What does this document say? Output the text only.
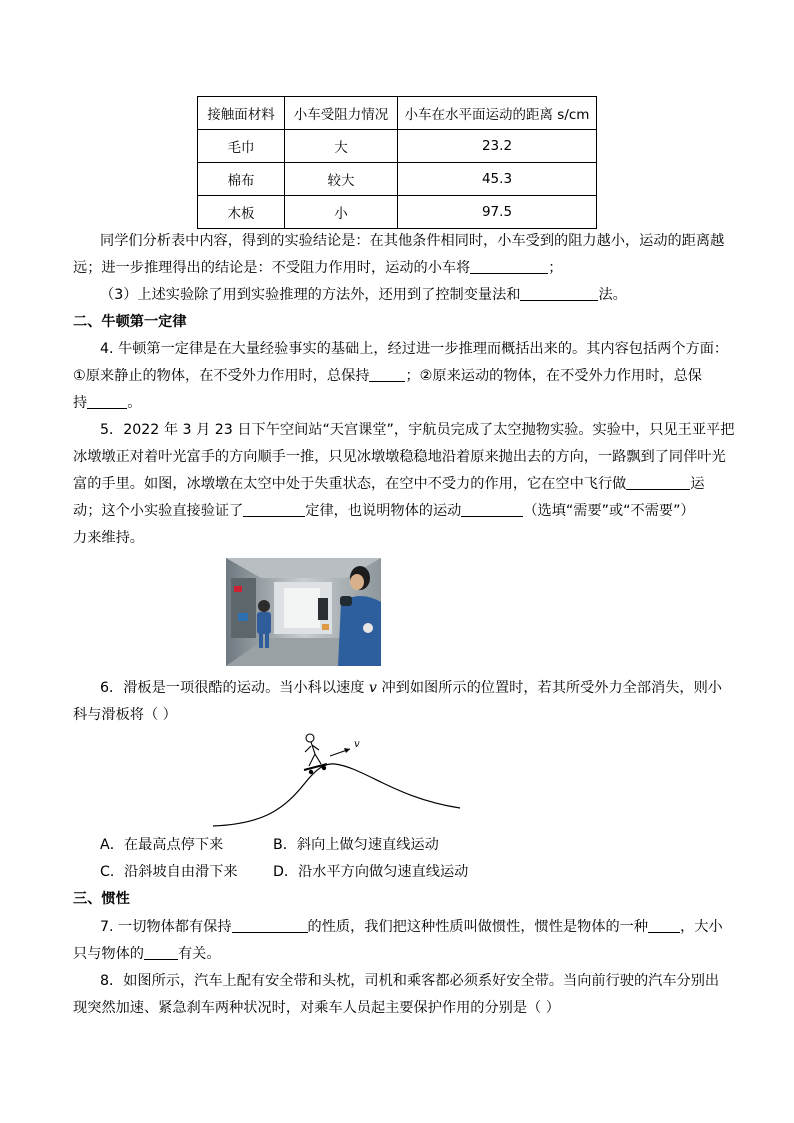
接触面材料	小车受阻力情况	小车在水平面运动的距离 s/cm
毛巾	大	23.2
棉布	较大	45.3
木板	小	97.5
同学们分析表中内容，得到的实验结论是：在其他条件相同时，小车受到的阻力越小，运动的距离越
远；进一步推理得出的结论是：不受阻力作用时，运动的小车将	；
（3）上述实验除了用到实验推理的方法外，还用到了控制变量法和	法。
二、牛顿第一定律
4. 牛顿第一定律是在大量经验事实的基础上，经过进一步推理而概括出来的。其内容包括两个方面：
①原来静止的物体，在不受外力作用时，总保持	；②原来运动的物体，在不受外力作用时，总保
持	。
5．2022 年 3 月 23 日下午空间站“天宫课堂”，宇航员完成了太空抛物实验。实验中，只见王亚平把
冰墩墩正对着叶光富手的方向顺手一推，只见冰墩墩稳稳地沿着原来抛出去的方向，一路飘到了同伴叶光
富的手里。如图，冰墩墩在太空中处于失重状态，在空中不受力的作用，它在空中飞行做	运
动；这个小实验直接验证了	定律，也说明物体的运动	（选填“需要”或“不需要”）
力来维持。
6．滑板是一项很酷的运动。当小科以速度 v 冲到如图所示的位置时，若其所受外力全部消失，则小
科与滑板将（ ）
v
A．在最高点停下来	B．斜向上做匀速直线运动
C．沿斜坡自由滑下来 D．沿水平方向做匀速直线运动
三、惯性
7. 一切物体都有保持	的性质，我们把这种性质叫做惯性，惯性是物体的一种 ，大小
只与物体的 有关。
8．如图所示，汽车上配有安全带和头枕，司机和乘客都必须系好安全带。当向前行驶的汽车分别出
现突然加速、紧急刹车两种状况时，对乘车人员起主要保护作用的分别是（ ）
